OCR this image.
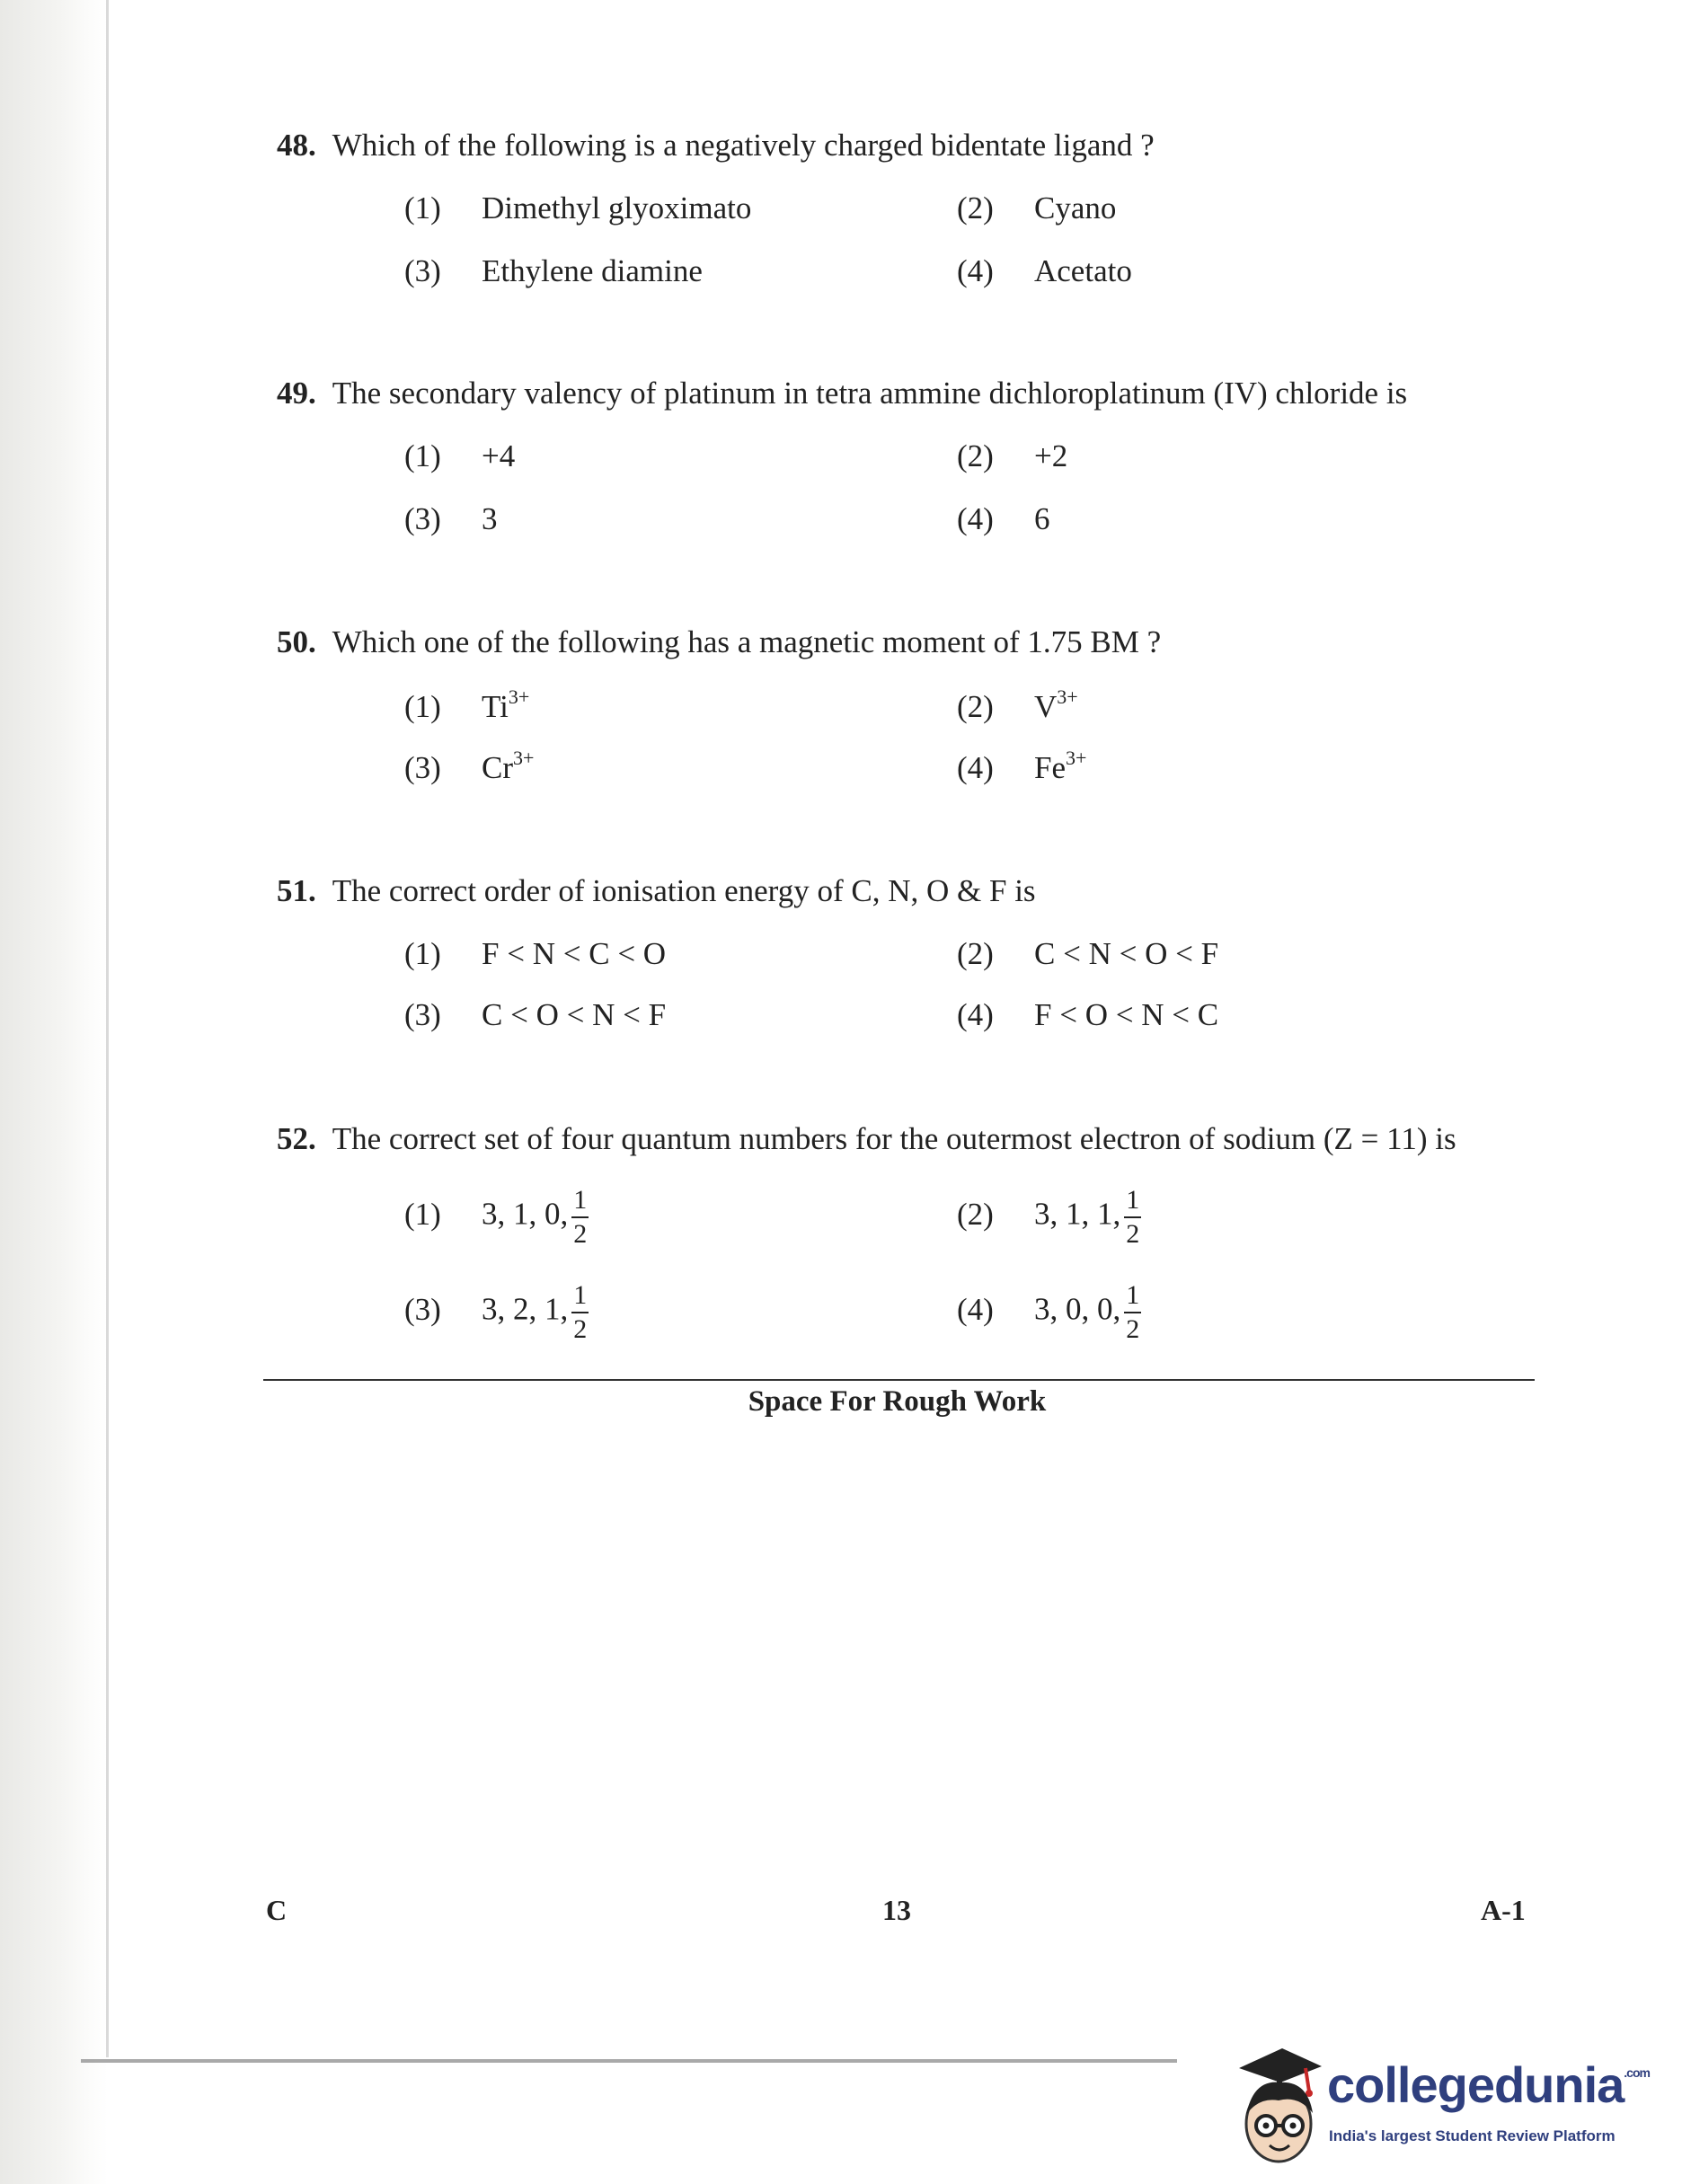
48. Which of the following is a negatively charged bidentate ligand ?
(1) Dimethyl glyoximato	(2) Cyano
(3) Ethylene diamine	(4) Acetato
49. The secondary valency of platinum in tetra ammine dichloroplatinum (IV) chloride is
(1) +4	(2) +2
(3) 3	(4) 6
50. Which one of the following has a magnetic moment of 1.75 BM ?
(1) $Ti^{3+}$	(2) $V^{3+}$
(3) $Cr^{3+}$	(4) $Fe^{3+}$
51. The correct order of ionisation energy of C, N, O & F is
(1) F < N < C < O	(2) C < N < O < F
(3) C < O < N < F	(4) F < O < N < C
52. The correct set of four quantum numbers for the outermost electron of sodium (Z = 11) is
(1) 3, 1, 0, $\frac{1}{2}$	(2) 3, 1, 1, $\frac{1}{2}$
(3) 3, 2, 1, $\frac{1}{2}$	(4) 3, 0, 0, $\frac{1}{2}$
Space For Rough Work
C	13	A-1
collegedunia$^{.com}$
India's largest Student Review Platform
